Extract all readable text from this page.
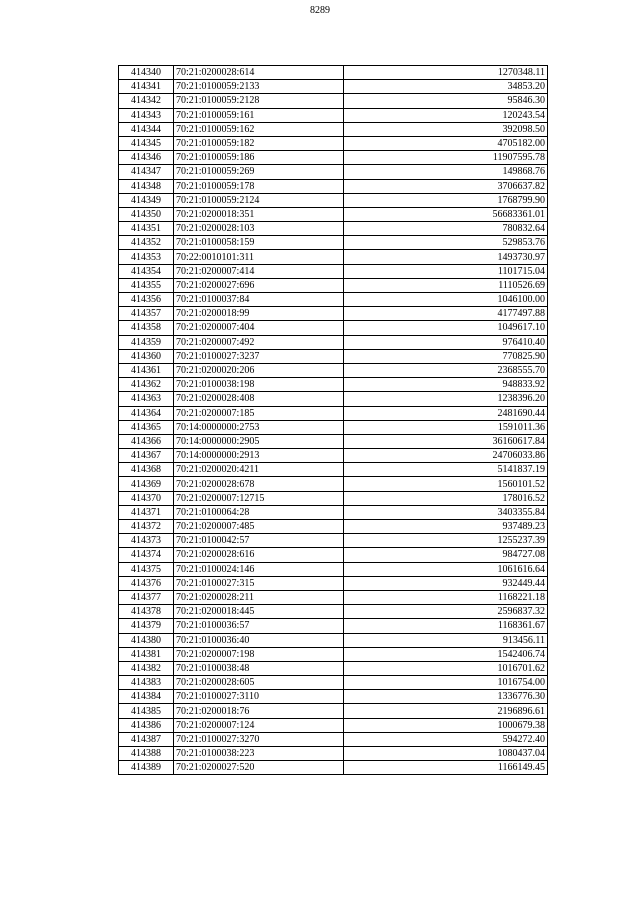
8289
414340	70:21:0200028:614	1270348.11
414341	70:21:0100059:2133	34853.20
414342	70:21:0100059:2128	95846.30
414343	70:21:0100059:161	120243.54
414344	70:21:0100059:162	392098.50
414345	70:21:0100059:182	4705182.00
414346	70:21:0100059:186	11907595.78
414347	70:21:0100059:269	149868.76
414348	70:21:0100059:178	3706637.82
414349	70:21:0100059:2124	1768799.90
414350	70:21:0200018:351	56683361.01
414351	70:21:0200028:103	780832.64
414352	70:21:0100058:159	529853.76
414353	70:22:0010101:311	1493730.97
414354	70:21:0200007:414	1101715.04
414355	70:21:0200027:696	1110526.69
414356	70:21:0100037:84	1046100.00
414357	70:21:0200018:99	4177497.88
414358	70:21:0200007:404	1049617.10
414359	70:21:0200007:492	976410.40
414360	70:21:0100027:3237	770825.90
414361	70:21:0200020:206	2368555.70
414362	70:21:0100038:198	948833.92
414363	70:21:0200028:408	1238396.20
414364	70:21:0200007:185	2481690.44
414365	70:14:0000000:2753	1591011.36
414366	70:14:0000000:2905	36160617.84
414367	70:14:0000000:2913	24706033.86
414368	70:21:0200020:4211	5141837.19
414369	70:21:0200028:678	1560101.52
414370	70:21:0200007:12715	178016.52
414371	70:21:0100064:28	3403355.84
414372	70:21:0200007:485	937489.23
414373	70:21:0100042:57	1255237.39
414374	70:21:0200028:616	984727.08
414375	70:21:0100024:146	1061616.64
414376	70:21:0100027:315	932449.44
414377	70:21:0200028:211	1168221.18
414378	70:21:0200018:445	2596837.32
414379	70:21:0100036:57	1168361.67
414380	70:21:0100036:40	913456.11
414381	70:21:0200007:198	1542406.74
414382	70:21:0100038:48	1016701.62
414383	70:21:0200028:605	1016754.00
414384	70:21:0100027:3110	1336776.30
414385	70:21:0200018:76	2196896.61
414386	70:21:0200007:124	1000679.38
414387	70:21:0100027:3270	594272.40
414388	70:21:0100038:223	1080437.04
414389	70:21:0200027:520	1166149.45
